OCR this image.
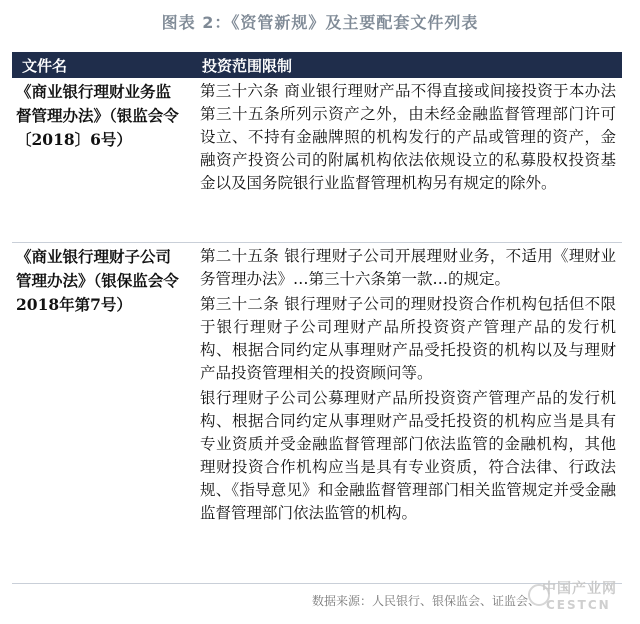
图表 2：《资管新规》及主要配套文件列表
文件名	投资范围限制
《商业银行理财业务监督管理办法》（银监会令〔2018〕6号）

第三十六条 商业银行理财产品不得直接或间接投资于本办法第三十五条所列示资产之外，由未经金融监督管理部门许可设立、不持有金融牌照的机构发行的产品或管理的资产，金融资产投资公司的附属机构依法依规设立的私募股权投资基金以及国务院银行业监督管理机构另有规定的除外。

《商业银行理财子公司管理办法》（银保监会令2018年第7号）

第二十五条 银行理财子公司开展理财业务，不适用《理财业务管理办法》…第三十六条第一款…的规定。

第三十二条 银行理财子公司的理财投资合作机构包括但不限于银行理财子公司理财产品所投资资产管理产品的发行机构、根据合同约定从事理财产品受托投资的机构以及与理财产品投资管理相关的投资顾问等。

银行理财子公司公募理财产品所投资资产管理产品的发行机构、根据合同约定从事理财产品受托投资的机构应当是具有专业资质并受金融监督管理部门依法监管的金融机构，其他理财投资合作机构应当是具有专业资质，符合法律、行政法规、《指导意见》和金融监督管理部门相关监管规定并受金融监督管理部门依法监管的机构。

数据来源：人民银行、银保监会、证监会、
中国产业网
CESTCN
